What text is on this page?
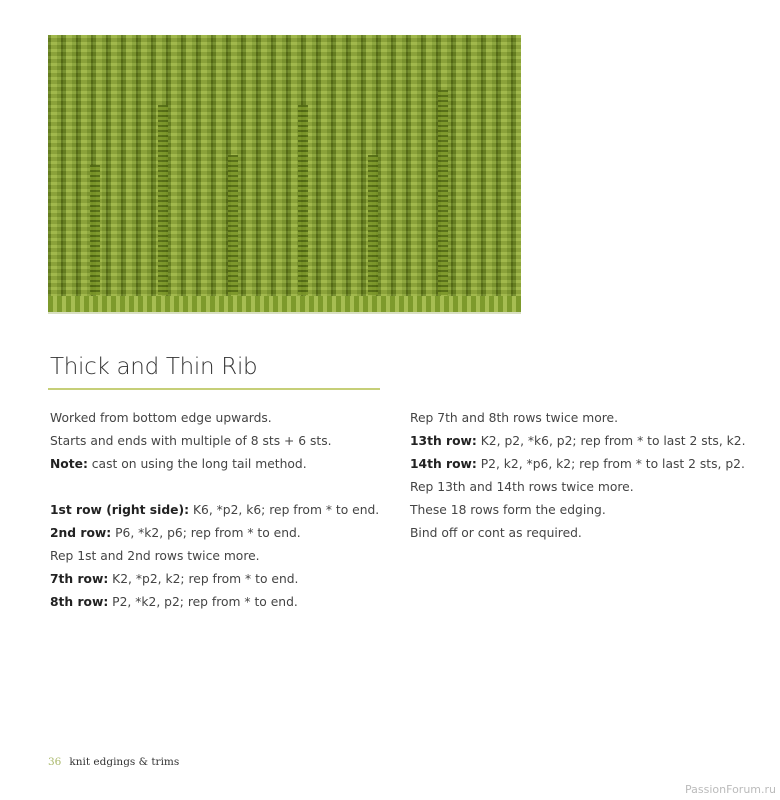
Thick and Thin Rib

Worked from bottom edge upwards.

Starts and ends with multiple of 8 sts + 6 sts.

Note: cast on using the long tail method.

1st row (right side): K6, *p2, k6; rep from * to end.

2nd row: P6, *k2, p6; rep from * to end.

Rep 1st and 2nd rows twice more.

7th row: K2, *p2, k2; rep from * to end.

8th row: P2, *k2, p2; rep from * to end.

Rep 7th and 8th rows twice more.

13th row: K2, p2, *k6, p2; rep from * to last 2 sts, k2.

14th row: P2, k2, *p6, k2; rep from * to last 2 sts, p2.

Rep 13th and 14th rows twice more.

These 18 rows form the edging.

Bind off or cont as required.

36 knit edgings & trims
PassionForum.ru
